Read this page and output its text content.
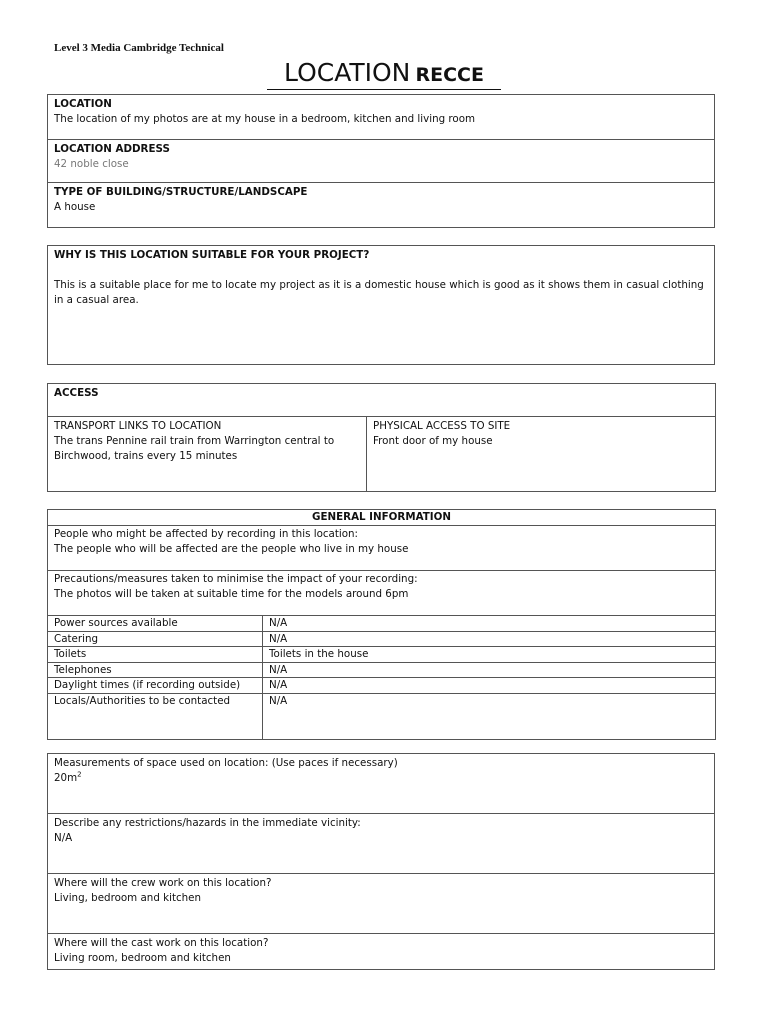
Level 3 Media Cambridge Technical
LOCATION RECCE
LOCATION
The location of my photos are at my house in a bedroom, kitchen and living room

LOCATION ADDRESS
42 noble close

TYPE OF BUILDING/STRUCTURE/LANDSCAPE
A house
WHY IS THIS LOCATION SUITABLE FOR YOUR PROJECT?
This is a suitable place for me to locate my project as it is a domestic house which is good as it shows them in casual clothing in a casual area.
ACCESS

TRANSPORT LINKS TO LOCATION
The trans Pennine rail train from Warrington central to Birchwood, trains every 15 minutes

PHYSICAL ACCESS TO SITE
Front door of my house
GENERAL INFORMATION	

People who might be affected by recording in this location:
The people who will be affected are the people who live in my house	

Precautions/measures taken to minimise the impact of your recording:
The photos will be taken at suitable time for the models around 6pm	

Power sources available	N/A
Catering	N/A
Toilets	Toilets in the house
Telephones	N/A
Daylight times (if recording outside)	N/A
Locals/Authorities to be contacted	N/A
Measurements of space used on location: (Use paces if necessary)
$20m^2$

Describe any restrictions/hazards in the immediate vicinity:
N/A

Where will the crew work on this location?
Living, bedroom and kitchen

Where will the cast work on this location?
Living room, bedroom and kitchen
